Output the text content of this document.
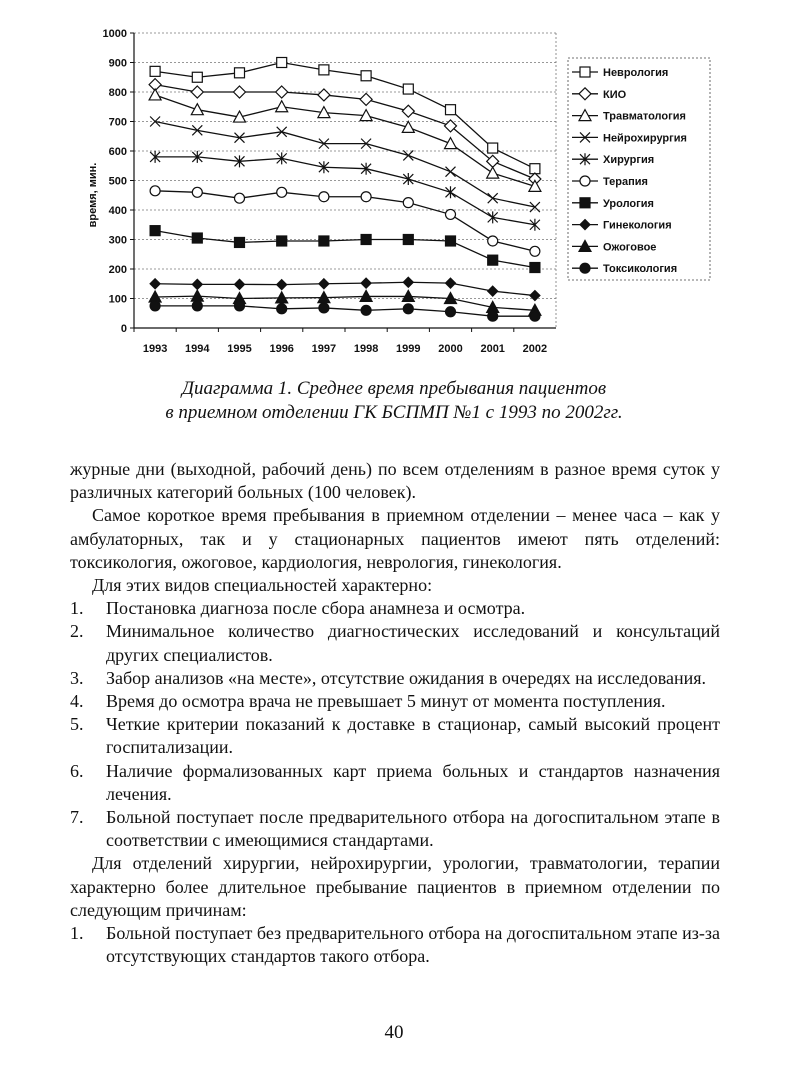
0
100
200
300
400
500
600
700
800
900
1000
1993 1994 1995 1996 1997 1998 1999 2000 2001 2002
время, мин.
Неврология
КИО
Травматология
Нейрохирургия
Хирургия
Терапия
Урология
Гинекология
Ожоговое
Токсикология
Диаграмма 1. Среднее время пребывания пациентов
в приемном отделении ГК БСПМП №1 с 1993 по 2002гг.

журные дни (выходной, рабочий день) по всем отделениям в разное время суток у различных категорий больных (100 человек).

Самое короткое время пребывания в приемном отделении – менее часа – как у амбулаторных, так и у стационарных пациентов имеют пять отделений: токсикология, ожоговое, кардиология, неврология, гинекология.

Для этих видов специальностей характерно:

1. Постановка диагноза после сбора анамнеза и осмотра.
2. Минимальное количество диагностических исследований и консультаций других специалистов.
3. Забор анализов «на месте», отсутствие ожидания в очередях на исследования.
4. Время до осмотра врача не превышает 5 минут от момента поступления.
5. Четкие критерии показаний к доставке в стационар, самый высокий процент госпитализации.
6. Наличие формализованных карт приема больных и стандартов назначения лечения.
7. Больной поступает после предварительного отбора на догоспитальном этапе в соответствии с имеющимися стандартами.

Для отделений хирургии, нейрохирургии, урологии, травматологии, терапии характерно более длительное пребывание пациентов в приемном отделении по следующим причинам:

1. Больной поступает без предварительного отбора на догоспитальном этапе из-за отсутствующих стандартов такого отбора.
40
